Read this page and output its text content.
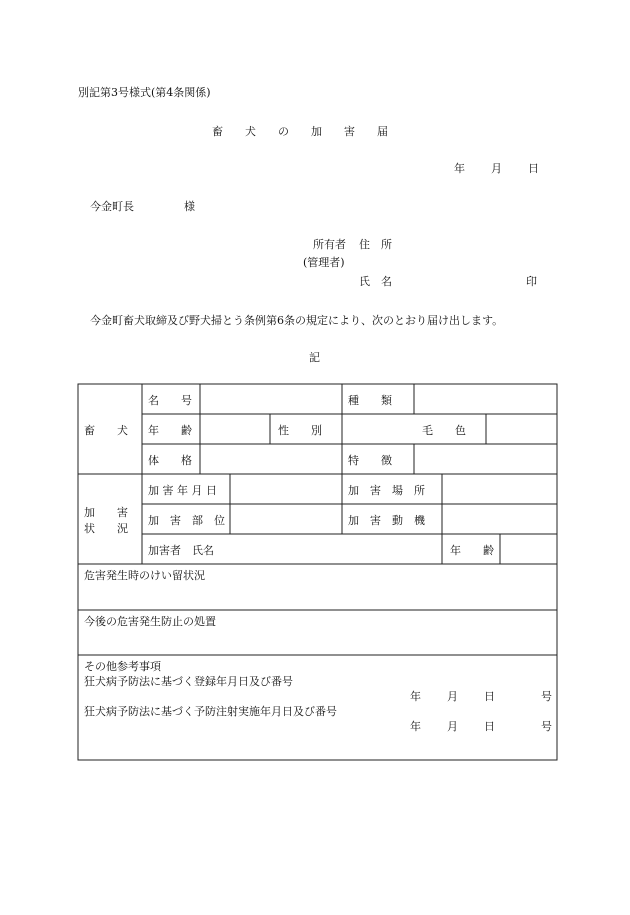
別記第3号様式(第4条関係)
畜　　犬　　の　　加　　害　　届
年 月 日
今金町長	様
所有者 住　所
(管理者)
氏　名	印
今金町畜犬取締及び野犬掃とう条例第6条の規定により、次のとおり届け出します。
記
畜　　犬
名　　号	種　　類
年　　齢	性　　別	毛　　色
体　　格	特　　徴
加　　害
状　　況
加 害 年 月 日	加　害　場　所
加　害　部　位	加　害　動　機
加害者　氏名	年　　齢
危害発生時のけい留状況
今後の危害発生防止の処置
その他参考事項
狂犬病予防法に基づく登録年月日及び番号
年 月 日	号
狂犬病予防法に基づく予防注射実施年月日及び番号
年 月 日	号
